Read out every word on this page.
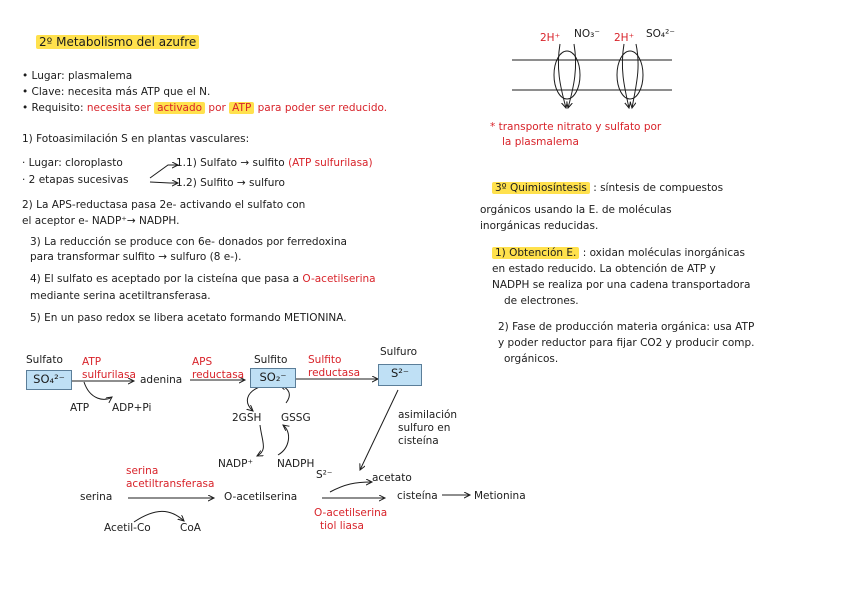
2º Metabolismo del azufre
• Lugar: plasmalema
• Clave: necesita más ATP que el N.
• Requisito: necesita ser activado por ATP para poder ser reducido.
1) Fotoasimilación S en plantas vasculares:
· Lugar: cloroplasto
· 2 etapas sucesivas
1.1) Sulfato → sulfito (ATP sulfurilasa)
1.2) Sulfito → sulfuro
2) La APS-reductasa pasa 2e- activando el sulfato con
el aceptor e- NADP⁺→ NADPH.
3) La reducción se produce con 6e- donados por ferredoxina
para transformar sulfito → sulfuro (8 e-).
4) El sulfato es aceptado por la cisteína que pasa a O-acetilserina
mediante serina acetiltransferasa.
5) En un paso redox se libera acetato formando METIONINA.
Sulfato
SO₄²⁻
ATP sulfurilasa adenina
ATP ADP+Pi
APS reductasa
Sulfito
SO₂⁻
Sulfito reductasa
Sulfuro
S²⁻
2GSH GSSG
NADP⁺ NADPH
asimilación
sulfuro en
cisteína
serina
acetiltransferasa
serina
Acetil-Co	CoA
O-acetilserina
S²⁻	acetato
cisteína	Metionina
O-acetilserina
tiol liasa
2H⁺ NO₃⁻ 2H⁺ SO₄²⁻
* transporte nitrato y sulfato por
la plasmalema
3º Quimiosíntesis : síntesis de compuestos
orgánicos usando la E. de moléculas
inorgánicas reducidas.
1) Obtención E. : oxidan moléculas inorgánicas
en estado reducido. La obtención de ATP y
NADPH se realiza por una cadena transportadora
de electrones.
2) Fase de producción materia orgánica: usa ATP
y poder reductor para fijar CO2 y producir comp.
orgánicos.
